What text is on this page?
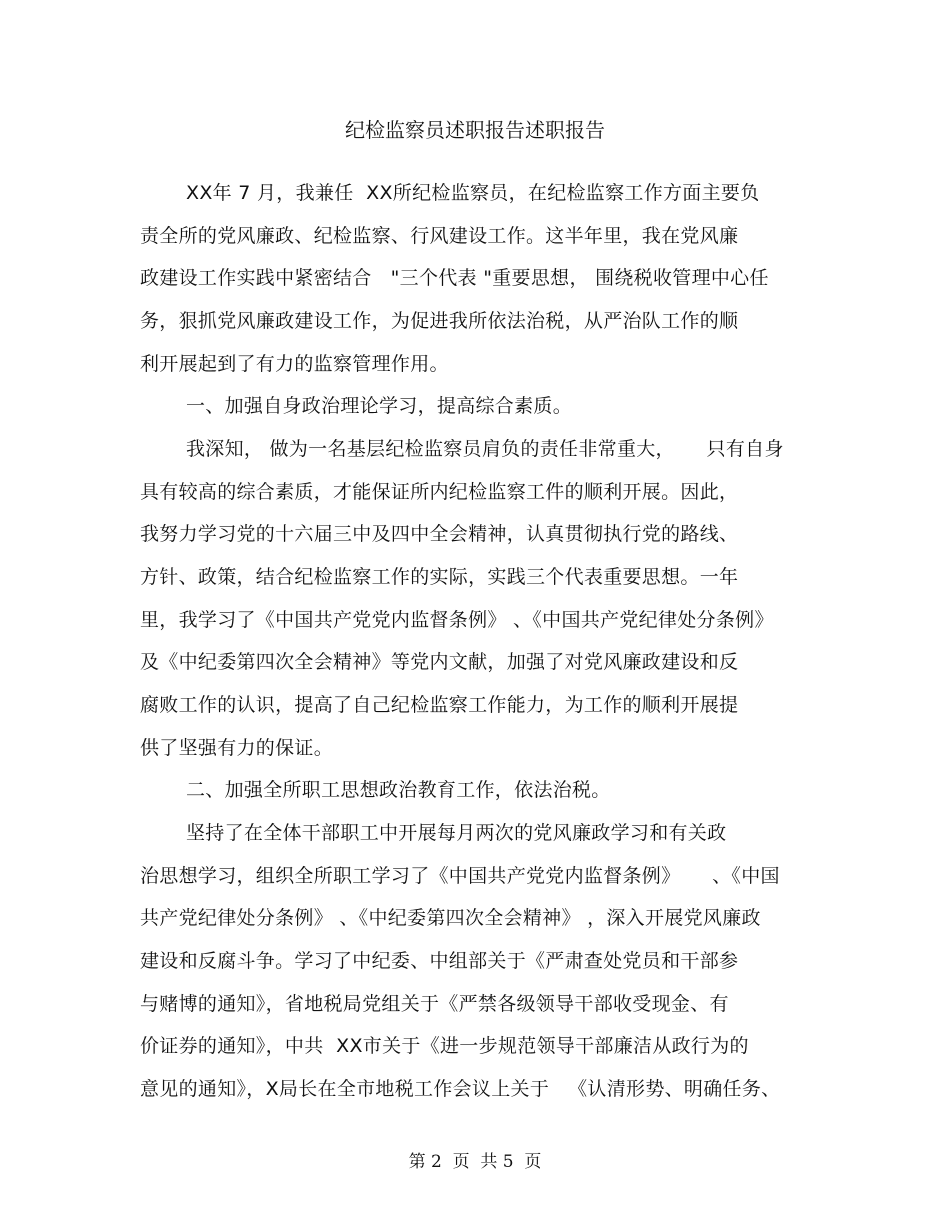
纪检监察员述职报告述职报告
XX年 7 月，我兼任  XX所纪检监察员，在纪检监察工作方面主要负
责全所的党风廉政、纪检监察、行风建设工作。这半年里，我在党风廉
政建设工作实践中紧密结合   "三个代表 "重要思想， 围绕税收管理中心任
务，狠抓党风廉政建设工作，为促进我所依法治税，从严治队工作的顺
利开展起到了有力的监察管理作用。
一、加强自身政治理论学习，提高综合素质。
我深知， 做为一名基层纪检监察员肩负的责任非常重大，     只有自身
具有较高的综合素质，才能保证所内纪检监察工件的顺利开展。因此，
我努力学习党的十六届三中及四中全会精神，认真贯彻执行党的路线、
方针、政策，结合纪检监察工作的实际，实践三个代表重要思想。一年
里，我学习了《中国共产党党内监督条例》 、《中国共产党纪律处分条例》
及《中纪委第四次全会精神》等党内文献，加强了对党风廉政建设和反
腐败工作的认识，提高了自己纪检监察工作能力，为工作的顺利开展提
供了坚强有力的保证。
二、加强全所职工思想政治教育工作，依法治税。
坚持了在全体干部职工中开展每月两次的党风廉政学习和有关政
治思想学习，组织全所职工学习了《中国共产党党内监督条例》     、《中国
共产党纪律处分条例》 、《中纪委第四次全会精神》 ，深入开展党风廉政
建设和反腐斗争。学习了中纪委、中组部关于《严肃查处党员和干部参
与赌博的通知》，省地税局党组关于《严禁各级领导干部收受现金、有
价证券的通知》，中共  XX市关于《进一步规范领导干部廉洁从政行为的
意见的通知》，X局长在全市地税工作会议上关于   《认清形势、明确任务、
第 2  页  共 5  页
